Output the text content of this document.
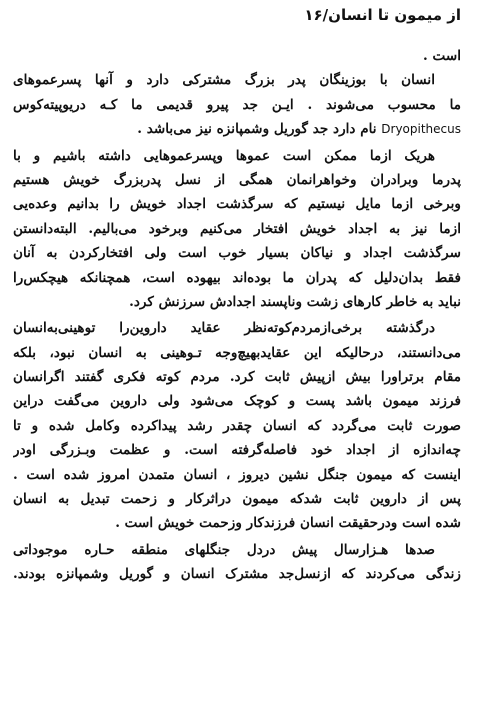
از میمون تا انسان/۱۶
است .
انسان با بوزینگان پدر بزرگ مشترکی دارد و آنها پسرعموهای
ما محسوب می‌شوند . ایـن جد پیرو قدیمی ما کـه دریوپیته‌کوس
Dryopithecus نام دارد جد گوریل وشمپانزه نیز می‌باشد .
هریک ازما ممکن است عموها وپسرعموهایی داشته باشیم و با
پدرما وبرادران وخواهرانمان همگی از نسل پدربزرگ خویش هستیم
وبرخی ازما مایل نیستیم که سرگذشت اجداد خویش را بدانیم وعده‌یی
ازما نیز به اجداد خویش افتخار می‌کنیم وبرخود می‌بالیم. البته‌دانستن
سرگذشت اجداد و نیاکان بسیار خوب است ولی افتخارکردن به آنان
فقط بدان‌دلیل که پدران ما بوده‌اند بیهوده است، همچنانکه هیچکس‌را
نباید به خاطر کارهای زشت وناپسند اجدادش سرزنش کرد.
درگذشته برخی‌ازمردم‌کوته‌نظر عقاید داروین‌را توهینی‌به‌انسان
می‌دانستند، درحالیکه این عقایدبهیچ‌وجه تـوهینی به انسان نبود، بلکه
مقام برتراورا بیش ازپیش ثابت کرد. مردم کوته فکری گفتند اگرانسان
فرزند میمون باشد پست و کوچک می‌شود ولی داروین می‌گفت دراین
صورت ثابت می‌گردد که انسان چقدر رشد پیداکرده وکامل شده و تا
چه‌اندازه از اجداد خود فاصله‌گرفته است. و عظمت وبـزرگی اودر
اینست که میمون جنگل نشین دیروز ، انسان متمدن امروز شده است .
پس از داروین ثابت شدکه میمون دراثرکار و زحمت تبدیل به انسان
شده است ودرحقیقت انسان فرزندکار وزحمت خویش است .
صدها هـزارسال پیش دردل جنگلهای منطقه حـاره موجوداتی
زندگی می‌کردند که ازنسل‌جد مشترک انسان و گوریل وشمپانزه بودند.
